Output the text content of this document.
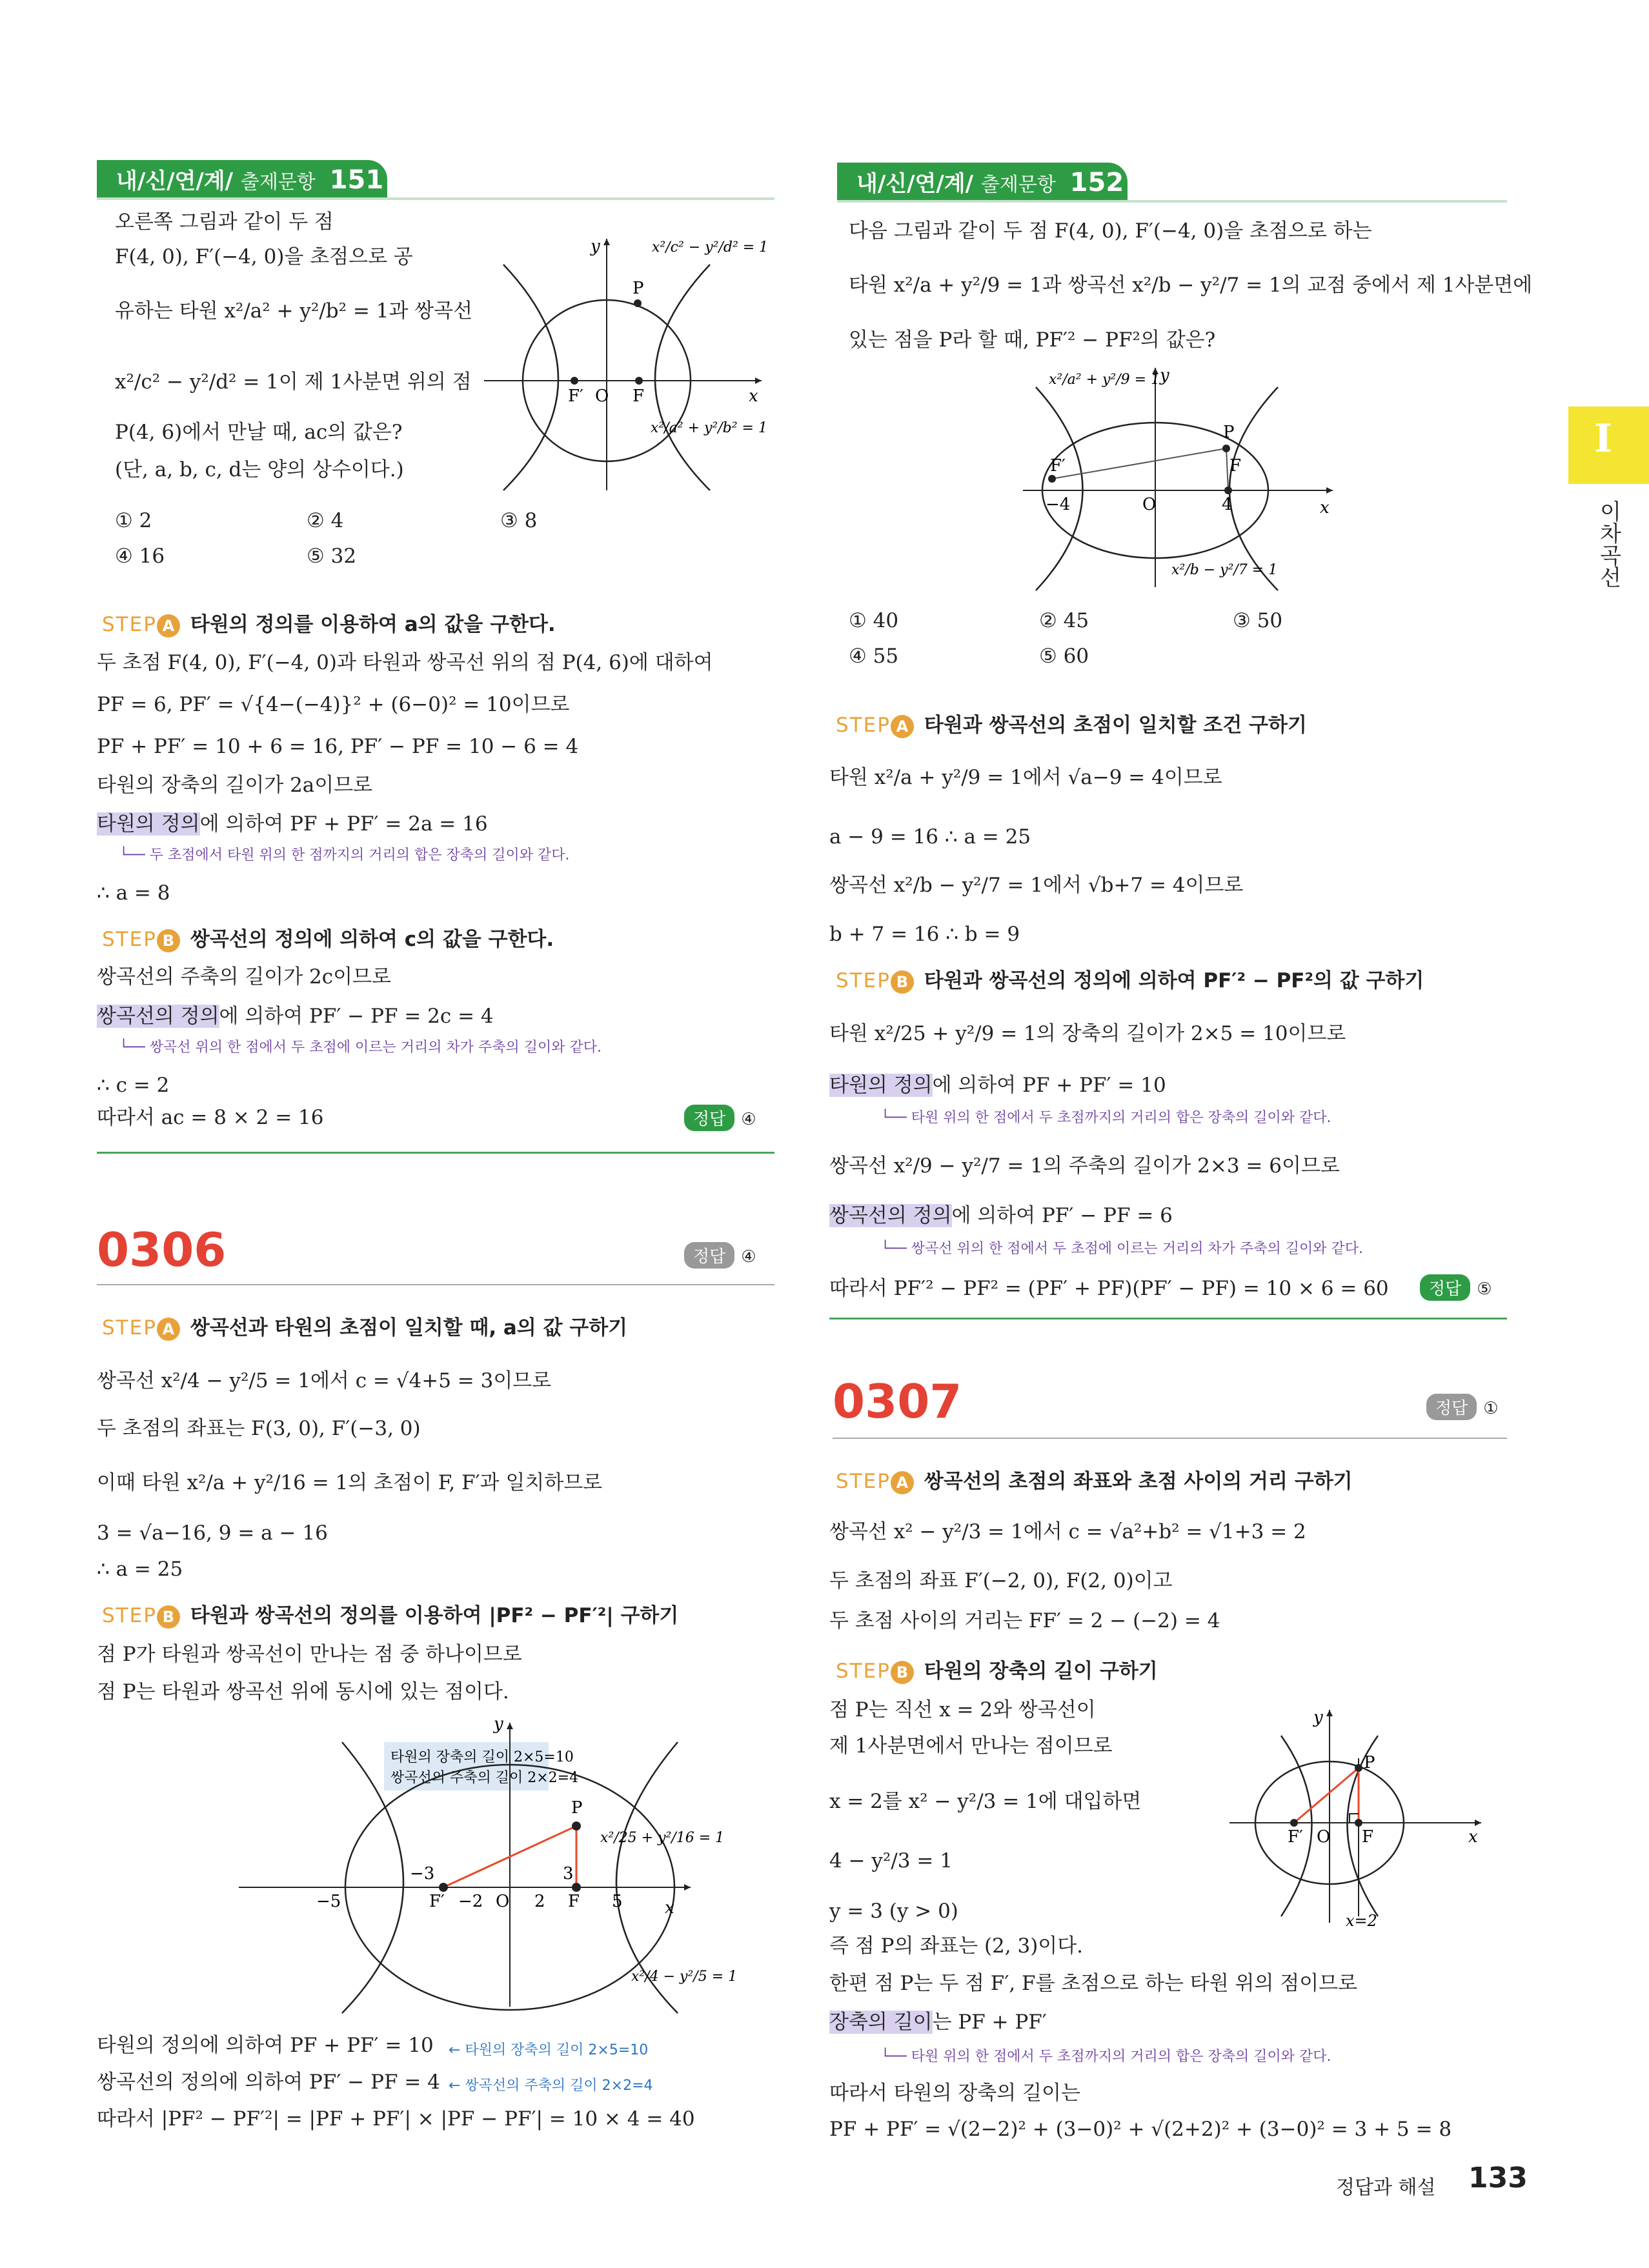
I
이차곡선
내/신/연/계/ 출제문항 151
오른쪽 그림과 같이 두 점
F(4, 0), F′(−4, 0)을 초점으로 공
유하는 타원 x²/a² + y²/b² = 1과 쌍곡선
x²/c² − y²/d² = 1이 제 1사분면 위의 점
P(4, 6)에서 만날 때, ac의 값은?
(단, a, b, c, d는 양의 상수이다.)
① 2	② 4	③ 8
④ 16	⑤ 32
y
x
P
F
F′ O
x²/c² − y²/d² = 1
x²/a² + y²/b² = 1
STEP A 타원의 정의를 이용하여 a의 값을 구한다.
두 초점 F(4, 0), F′(−4, 0)과 타원과 쌍곡선 위의 점 P(4, 6)에 대하여
PF = 6, PF′ = √{4−(−4)}² + (6−0)² = 10이므로
PF + PF′ = 10 + 6 = 16, PF′ − PF = 10 − 6 = 4
타원의 장축의 길이가 2a이므로
타원의 정의에 의하여 PF + PF′ = 2a = 16
└── 두 초점에서 타원 위의 한 점까지의 거리의 합은 장축의 길이와 같다.
∴ a = 8
STEP B 쌍곡선의 정의에 의하여 c의 값을 구한다.
쌍곡선의 주축의 길이가 2c이므로
쌍곡선의 정의에 의하여 PF′ − PF = 2c = 4
└── 쌍곡선 위의 한 점에서 두 초점에 이르는 거리의 차가 주축의 길이와 같다.
∴ c = 2
따라서 ac = 8 × 2 = 16	정답 ④
0306	정답 ④
STEP A 쌍곡선과 타원의 초점이 일치할 때, a의 값 구하기
쌍곡선 x²/4 − y²/5 = 1에서 c = √4+5 = 3이므로
두 초점의 좌표는 F(3, 0), F′(−3, 0)
이때 타원 x²/a + y²/16 = 1의 초점이 F, F′과 일치하므로
3 = √a−16, 9 = a − 16
∴ a = 25
STEP B 타원과 쌍곡선의 정의를 이용하여 |PF² − PF′²| 구하기
점 P가 타원과 쌍곡선이 만나는 점 중 하나이므로
점 P는 타원과 쌍곡선 위에 동시에 있는 점이다.
타원의 장축의 길이 2×5=10
쌍곡선의 주축의 길이 2×2=4
y
x
P
−5
−3
F′ −2 O 2
3
F 5
x²/25 + y²/16 = 1
x²/4 − y²/5 = 1
타원의 정의에 의하여 PF + PF′ = 10 ← 타원의 장축의 길이 2×5=10
쌍곡선의 정의에 의하여 PF′ − PF = 4 ← 쌍곡선의 주축의 길이 2×2=4
따라서 |PF² − PF′²| = |PF + PF′| × |PF − PF′| = 10 × 4 = 40
내/신/연/계/ 출제문항 152
다음 그림과 같이 두 점 F(4, 0), F′(−4, 0)을 초점으로 하는
타원 x²/a + y²/9 = 1과 쌍곡선 x²/b − y²/7 = 1의 교점 중에서 제 1사분면에
있는 점을 P라 할 때, PF′² − PF²의 값은?
y
x
P
F′	F
−4	O	4
x²/a² + y²/9 = 1
x²/b − y²/7 = 1
① 40	② 45	③ 50
④ 55	⑤ 60
STEP A 타원과 쌍곡선의 초점이 일치할 조건 구하기
타원 x²/a + y²/9 = 1에서 √a−9 = 4이므로
a − 9 = 16 ∴ a = 25
쌍곡선 x²/b − y²/7 = 1에서 √b+7 = 4이므로
b + 7 = 16 ∴ b = 9
STEP B 타원과 쌍곡선의 정의에 의하여 PF′² − PF²의 값 구하기
타원 x²/25 + y²/9 = 1의 장축의 길이가 2×5 = 10이므로
타원의 정의에 의하여 PF + PF′ = 10
└── 타원 위의 한 점에서 두 초점까지의 거리의 합은 장축의 길이와 같다.
쌍곡선 x²/9 − y²/7 = 1의 주축의 길이가 2×3 = 6이므로
쌍곡선의 정의에 의하여 PF′ − PF = 6
└── 쌍곡선 위의 한 점에서 두 초점에 이르는 거리의 차가 주축의 길이와 같다.
따라서 PF′² − PF² = (PF′ + PF)(PF′ − PF) = 10 × 6 = 60	정답 ⑤
0307	정답 ①
STEP A 쌍곡선의 초점의 좌표와 초점 사이의 거리 구하기
쌍곡선 x² − y²/3 = 1에서 c = √a²+b² = √1+3 = 2
두 초점의 좌표 F′(−2, 0), F(2, 0)이고
두 초점 사이의 거리는 FF′ = 2 − (−2) = 4
STEP B 타원의 장축의 길이 구하기
점 P는 직선 x = 2와 쌍곡선이
제 1사분면에서 만나는 점이므로
x = 2를 x² − y²/3 = 1에 대입하면
4 − y²/3 = 1
y = 3 (y > 0)
즉 점 P의 좌표는 (2, 3)이다.
한편 점 P는 두 점 F′, F를 초점으로 하는 타원 위의 점이므로
장축의 길이는 PF + PF′
└── 타원 위의 한 점에서 두 초점까지의 거리의 합은 장축의 길이와 같다.
따라서 타원의 장축의 길이는
PF + PF′ = √(2−2)² + (3−0)² + √(2+2)² + (3−0)² = 3 + 5 = 8
y
x
P
F′ O F
x=2
정답과 해설 133
